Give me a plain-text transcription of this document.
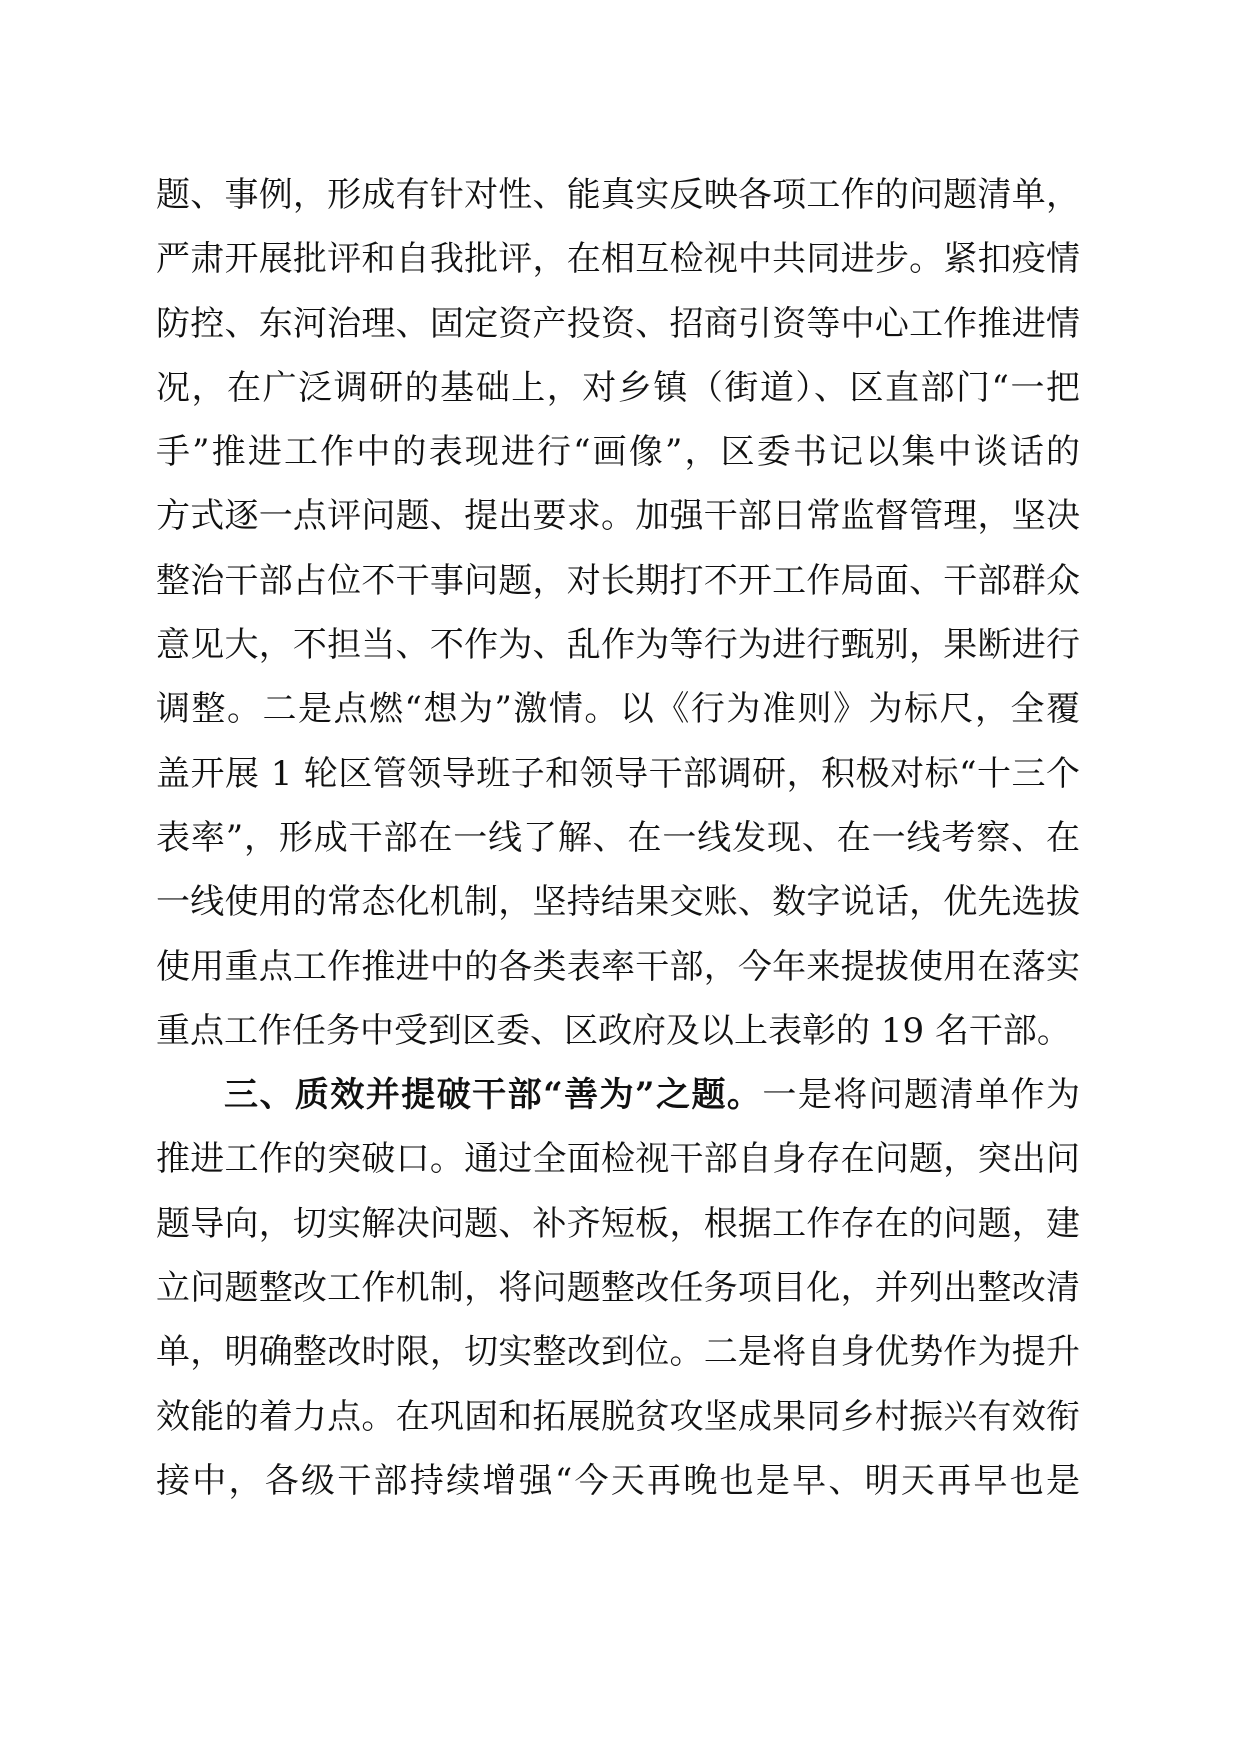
题、事例，形成有针对性、能真实反映各项工作的问题清单，
严肃开展批评和自我批评，在相互检视中共同进步。紧扣疫情
防控、东河治理、固定资产投资、招商引资等中心工作推进情
况，在广泛调研的基础上，对乡镇（街道）、区直部门“一把
手”推进工作中的表现进行“画像”，区委书记以集中谈话的
方式逐一点评问题、提出要求。加强干部日常监督管理，坚决
整治干部占位不干事问题，对长期打不开工作局面、干部群众
意见大，不担当、不作为、乱作为等行为进行甄别，果断进行
调整。二是点燃“想为”激情。以《行为准则》为标尺，全覆
盖开展 1 轮区管领导班子和领导干部调研，积极对标“十三个
表率”，形成干部在一线了解、在一线发现、在一线考察、在
一线使用的常态化机制，坚持结果交账、数字说话，优先选拔
使用重点工作推进中的各类表率干部，今年来提拔使用在落实
重点工作任务中受到区委、区政府及以上表彰的 19 名干部。
三、质效并提破干部“善为”之题。一是将问题清单作为
推进工作的突破口。通过全面检视干部自身存在问题，突出问
题导向，切实解决问题、补齐短板，根据工作存在的问题，建
立问题整改工作机制，将问题整改任务项目化，并列出整改清
单，明确整改时限，切实整改到位。二是将自身优势作为提升
效能的着力点。在巩固和拓展脱贫攻坚成果同乡村振兴有效衔
接中，各级干部持续增强“今天再晚也是早、明天再早也是
